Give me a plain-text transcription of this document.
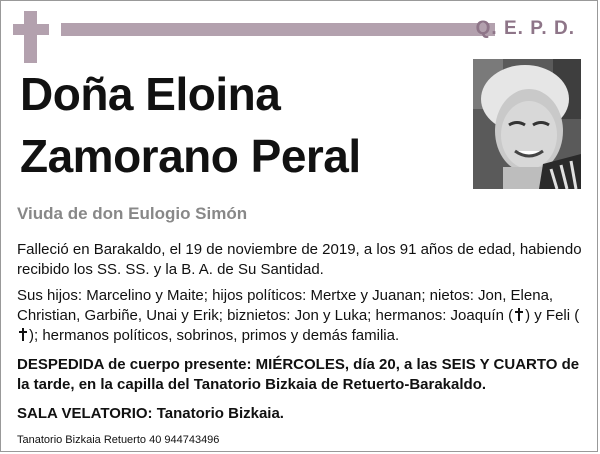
Q. E. P. D.
Doña Eloina
Zamorano Peral
Viuda de don Eulogio Simón
Falleció en Barakaldo, el 19 de noviembre de 2019, a los 91 años de edad, habiendo recibido los SS. SS. y la B. A. de Su Santidad.
Sus hijos: Marcelino y Maite; hijos políticos: Mertxe y Juanan; nietos: Jon, Elena, Christian, Garbiñe, Unai y Erik; biznietos: Jon y Luka; hermanos: Joaquín ( ) y Feli (
); hermanos políticos, sobrinos, primos y demás familia.
DESPEDIDA de cuerpo presente: MIÉRCOLES, día 20, a las SEIS Y CUARTO de la tarde, en la capilla del Tanatorio Bizkaia de Retuerto-Barakaldo.
SALA VELATORIO: Tanatorio Bizkaia.
Tanatorio Bizkaia Retuerto 40 944743496
